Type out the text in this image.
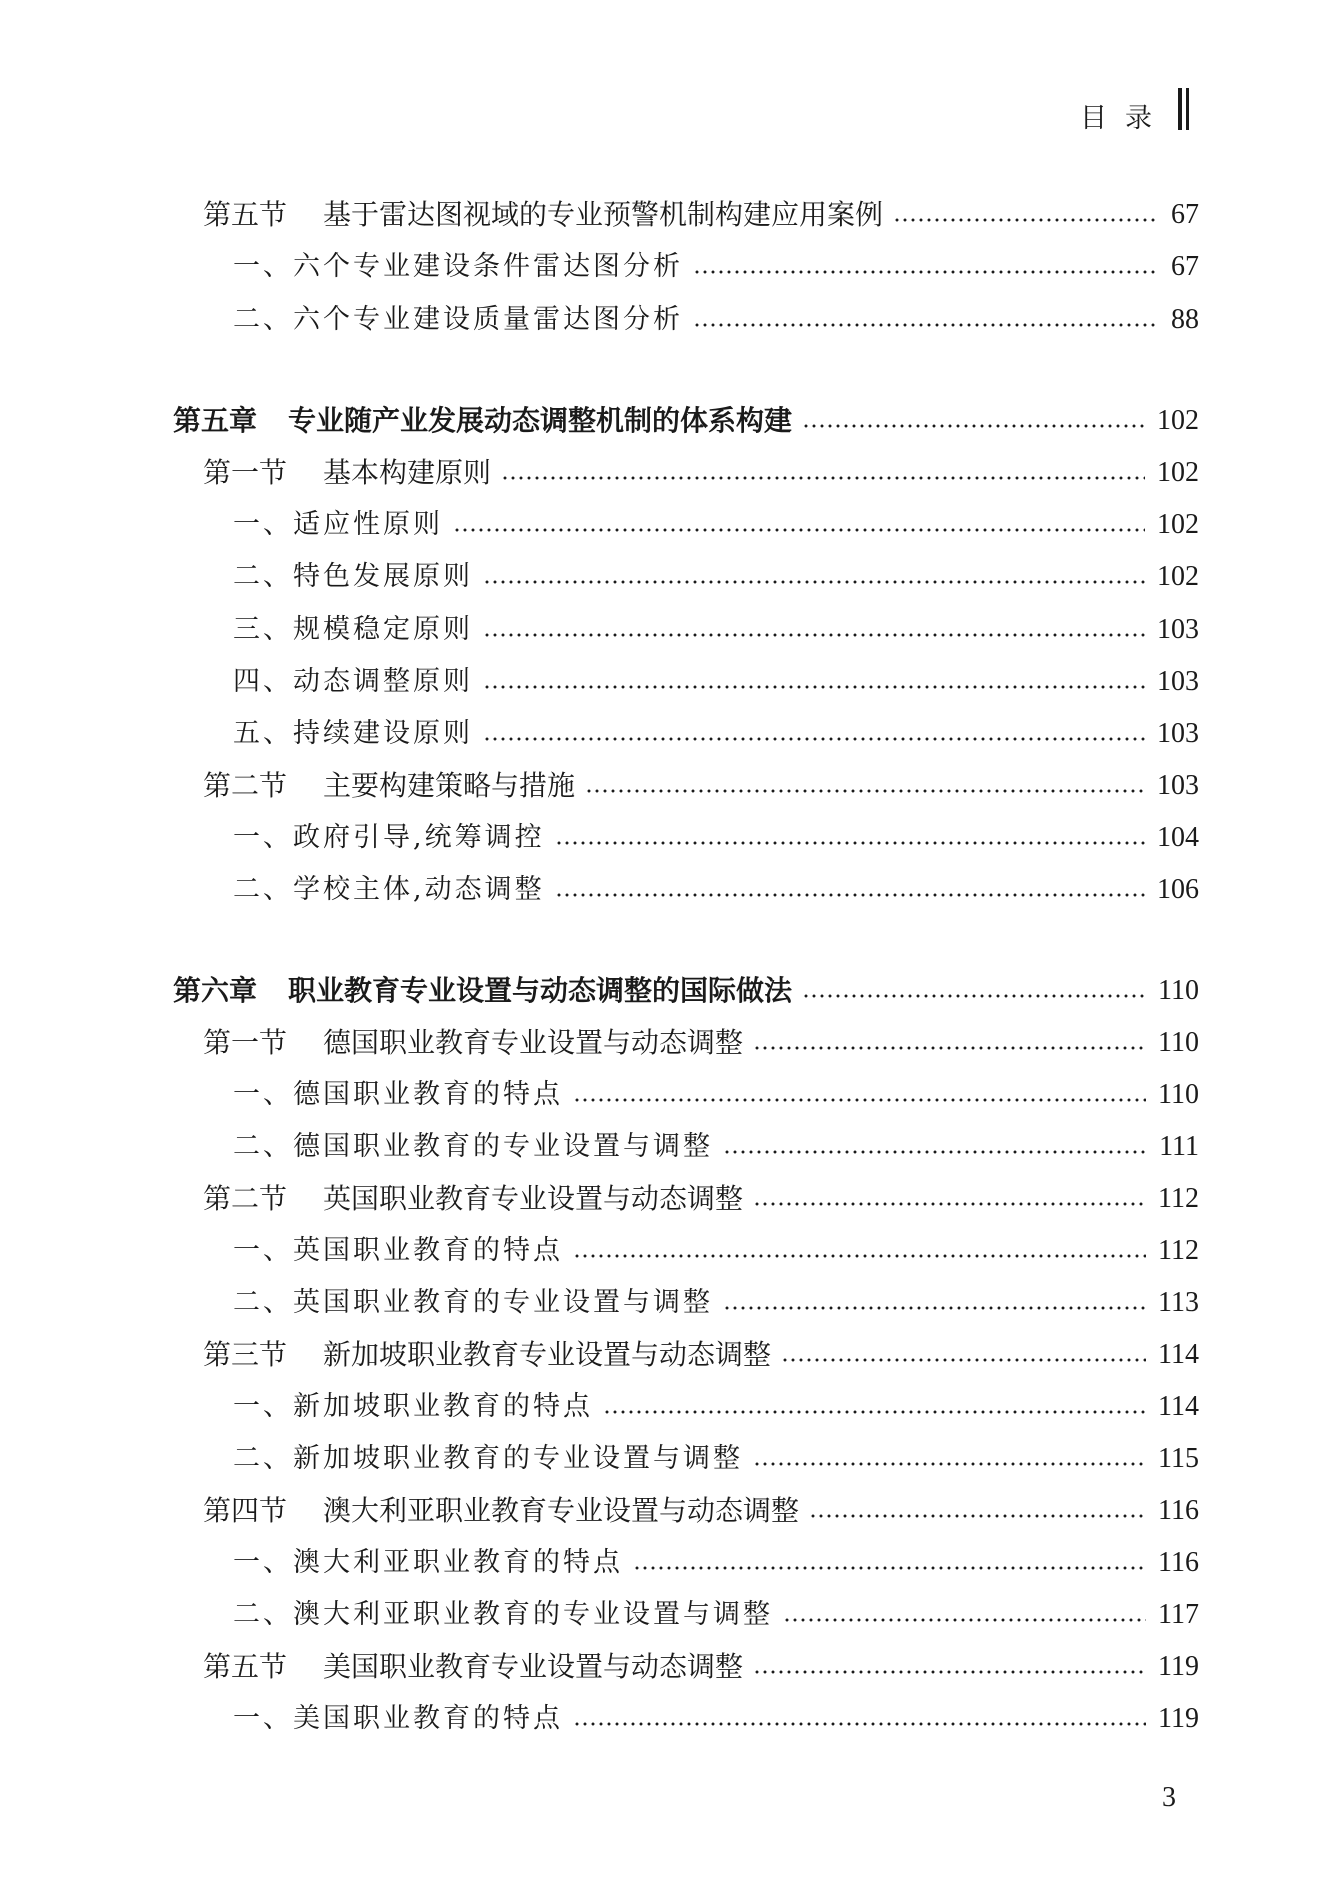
目录
第五节	基于雷达图视域的专业预警机制构建应用案例	67
一、六个专业建设条件雷达图分析	67
二、六个专业建设质量雷达图分析	88
第五章	专业随产业发展动态调整机制的体系构建	102
第一节	基本构建原则	102
一、适应性原则	102
二、特色发展原则	102
三、规模稳定原则	103
四、动态调整原则	103
五、持续建设原则	103
第二节	主要构建策略与措施	103
一、政府引导,统筹调控	104
二、学校主体,动态调整	106
第六章	职业教育专业设置与动态调整的国际做法	110
第一节	德国职业教育专业设置与动态调整	110
一、德国职业教育的特点	110
二、德国职业教育的专业设置与调整	111
第二节	英国职业教育专业设置与动态调整	112
一、英国职业教育的特点	112
二、英国职业教育的专业设置与调整	113
第三节	新加坡职业教育专业设置与动态调整	114
一、新加坡职业教育的特点	114
二、新加坡职业教育的专业设置与调整	115
第四节	澳大利亚职业教育专业设置与动态调整	116
一、澳大利亚职业教育的特点	116
二、澳大利亚职业教育的专业设置与调整	117
第五节	美国职业教育专业设置与动态调整	119
一、美国职业教育的特点	119
3
